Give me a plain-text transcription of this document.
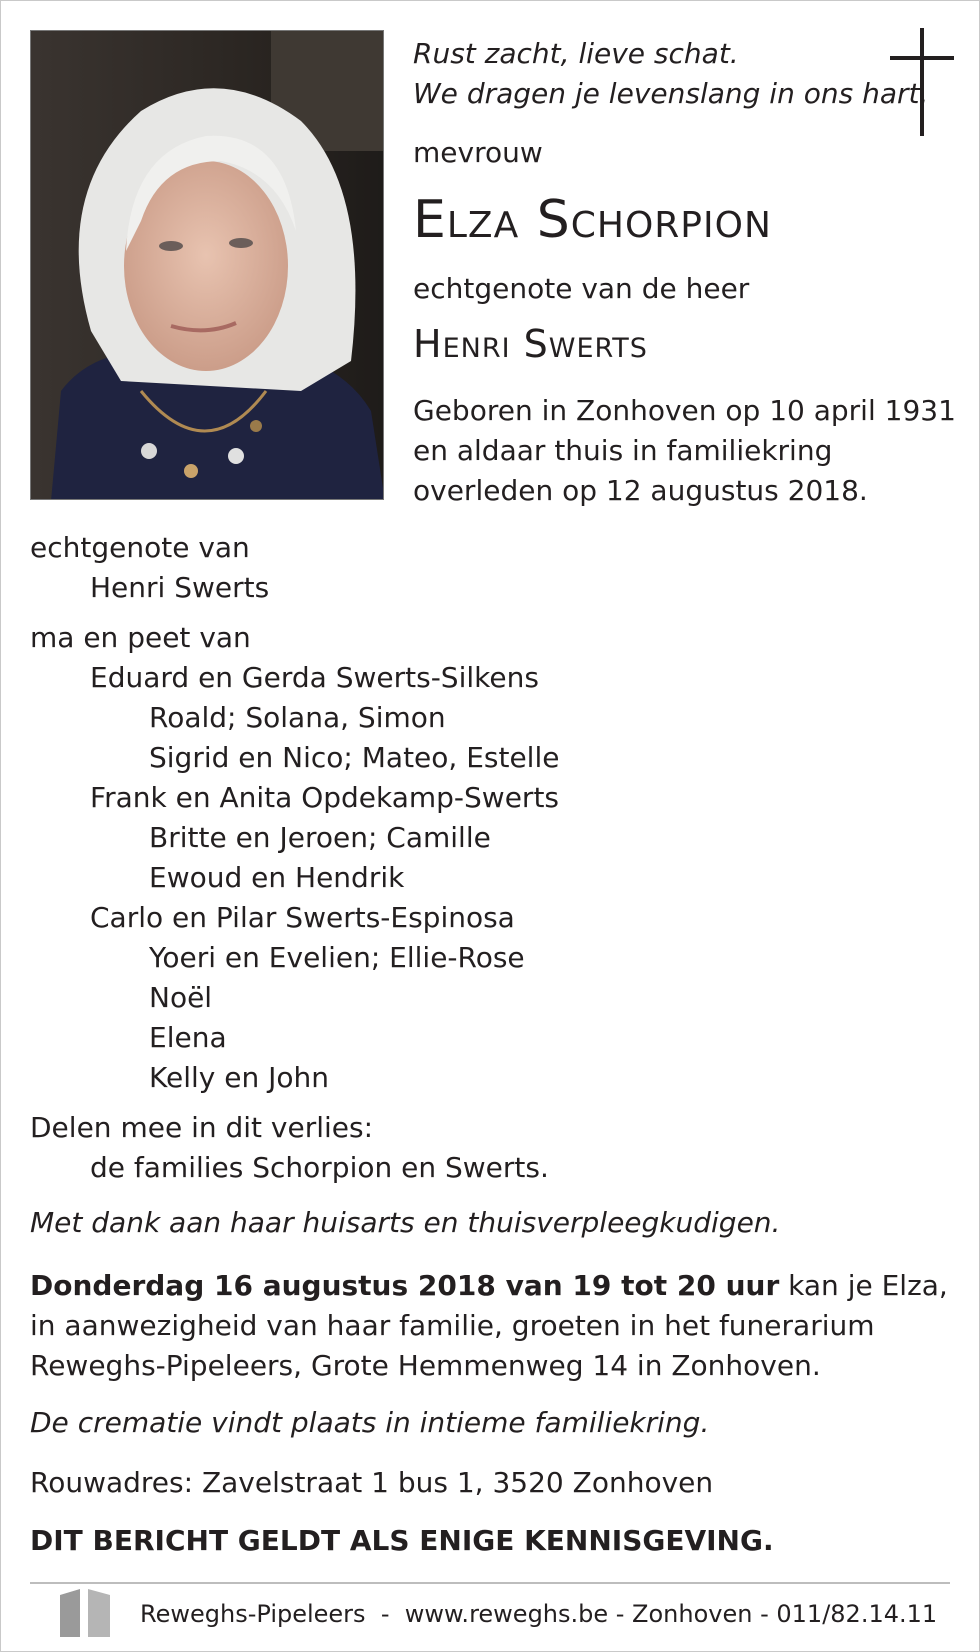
Rust zacht, lieve schat.
We dragen je levenslang in ons hart.
mevrouw
Elza Schorpion
echtgenote van de heer
Henri Swerts
Geboren in Zonhoven op 10 april 1931
en aldaar thuis in familiekring
overleden op 12 augustus 2018.
echtgenote van
Henri Swerts
ma en peet van
Eduard en Gerda Swerts-Silkens
Roald; Solana, Simon
Sigrid en Nico; Mateo, Estelle
Frank en Anita Opdekamp-Swerts
Britte en Jeroen; Camille
Ewoud en Hendrik
Carlo en Pilar Swerts-Espinosa
Yoeri en Evelien; Ellie-Rose
Noël
Elena
Kelly en John
Delen mee in dit verlies:
de families Schorpion en Swerts.
Met dank aan haar huisarts en thuisverpleegkudigen.
Donderdag 16 augustus 2018 van 19 tot 20 uur kan je Elza,
in aanwezigheid van haar familie, groeten in het funerarium
Reweghs-Pipeleers, Grote Hemmenweg 14 in Zonhoven.
De crematie vindt plaats in intieme familiekring.
Rouwadres: Zavelstraat 1 bus 1, 3520 Zonhoven
DIT BERICHT GELDT ALS ENIGE KENNISGEVING.
Reweghs-Pipeleers  -  www.reweghs.be - Zonhoven - 011/82.14.11
